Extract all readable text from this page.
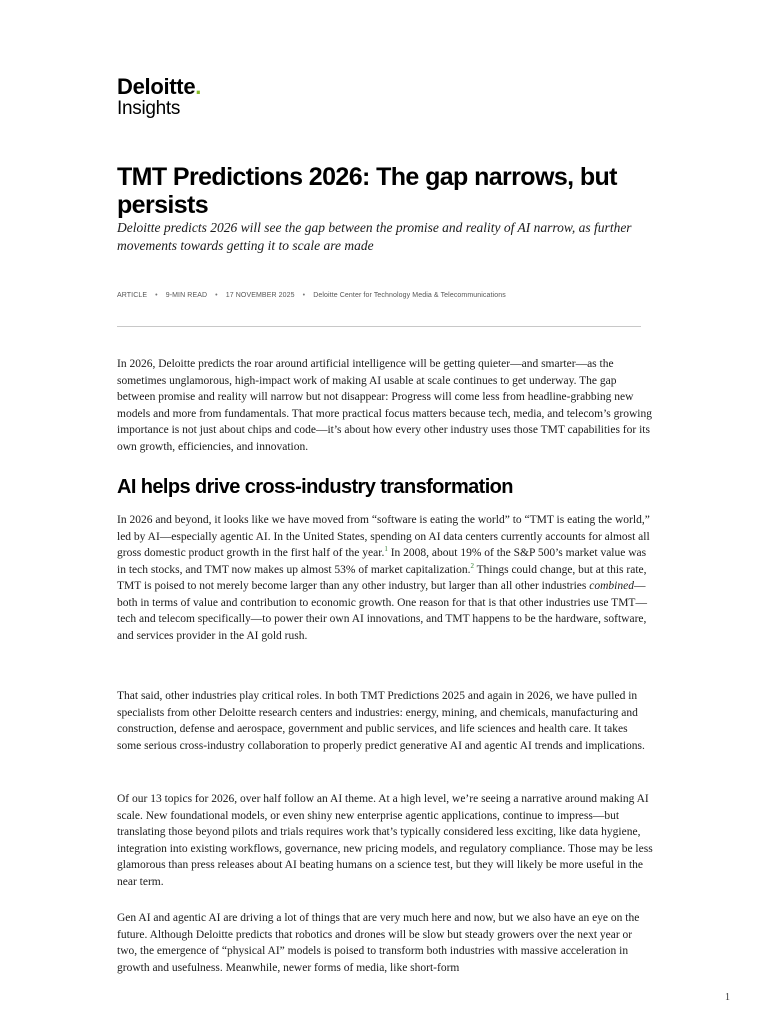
Deloitte.
Insights
TMT Predictions 2026: The gap narrows, but persists

Deloitte predicts 2026 will see the gap between the promise and reality of AI narrow, as further movements towards getting it to scale are made

ARTICLE • 9-MIN READ • 17 NOVEMBER 2025 • Deloitte Center for Technology Media & Telecommunications

In 2026, Deloitte predicts the roar around artificial intelligence will be getting quieter—and smarter—as the sometimes unglamorous, high-impact work of making AI usable at scale continues to get underway. The gap between promise and reality will narrow but not disappear: Progress will come less from headline-grabbing new models and more from fundamentals. That more practical focus matters because tech, media, and telecom’s growing importance is not just about chips and code—it’s about how every other industry uses those TMT capabilities for its own growth, efficiencies, and innovation.

AI helps drive cross-industry transformation

In 2026 and beyond, it looks like we have moved from “software is eating the world” to “TMT is eating the world,” led by AI—especially agentic AI. In the United States, spending on AI data centers currently accounts for almost all gross domestic product growth in the first half of the year.$^1$ In 2008, about 19% of the S&P 500’s market value was in tech stocks, and TMT now makes up almost 53% of market capitalization.$^2$ Things could change, but at this rate, TMT is poised to not merely become larger than any other industry, but larger than all other industries combined—both in terms of value and contribution to economic growth. One reason for that is that other industries use TMT—tech and telecom specifically—to power their own AI innovations, and TMT happens to be the hardware, software, and services provider in the AI gold rush.

That said, other industries play critical roles. In both TMT Predictions 2025 and again in 2026, we have pulled in specialists from other Deloitte research centers and industries: energy, mining, and chemicals, manufacturing and construction, defense and aerospace, government and public services, and life sciences and health care. It takes some serious cross-industry collaboration to properly predict generative AI and agentic AI trends and implications.

Of our 13 topics for 2026, over half follow an AI theme. At a high level, we’re seeing a narrative around making AI scale. New foundational models, or even shiny new enterprise agentic applications, continue to impress—but translating those beyond pilots and trials requires work that’s typically considered less exciting, like data hygiene, integration into existing workflows, governance, new pricing models, and regulatory compliance. Those may be less glamorous than press releases about AI beating humans on a science test, but they will likely be more useful in the near term.

Gen AI and agentic AI are driving a lot of things that are very much here and now, but we also have an eye on the future. Although Deloitte predicts that robotics and drones will be slow but steady growers over the next year or two, the emergence of “physical AI” models is poised to transform both industries with massive acceleration in growth and usefulness. Meanwhile, newer forms of media, like short-form

1
